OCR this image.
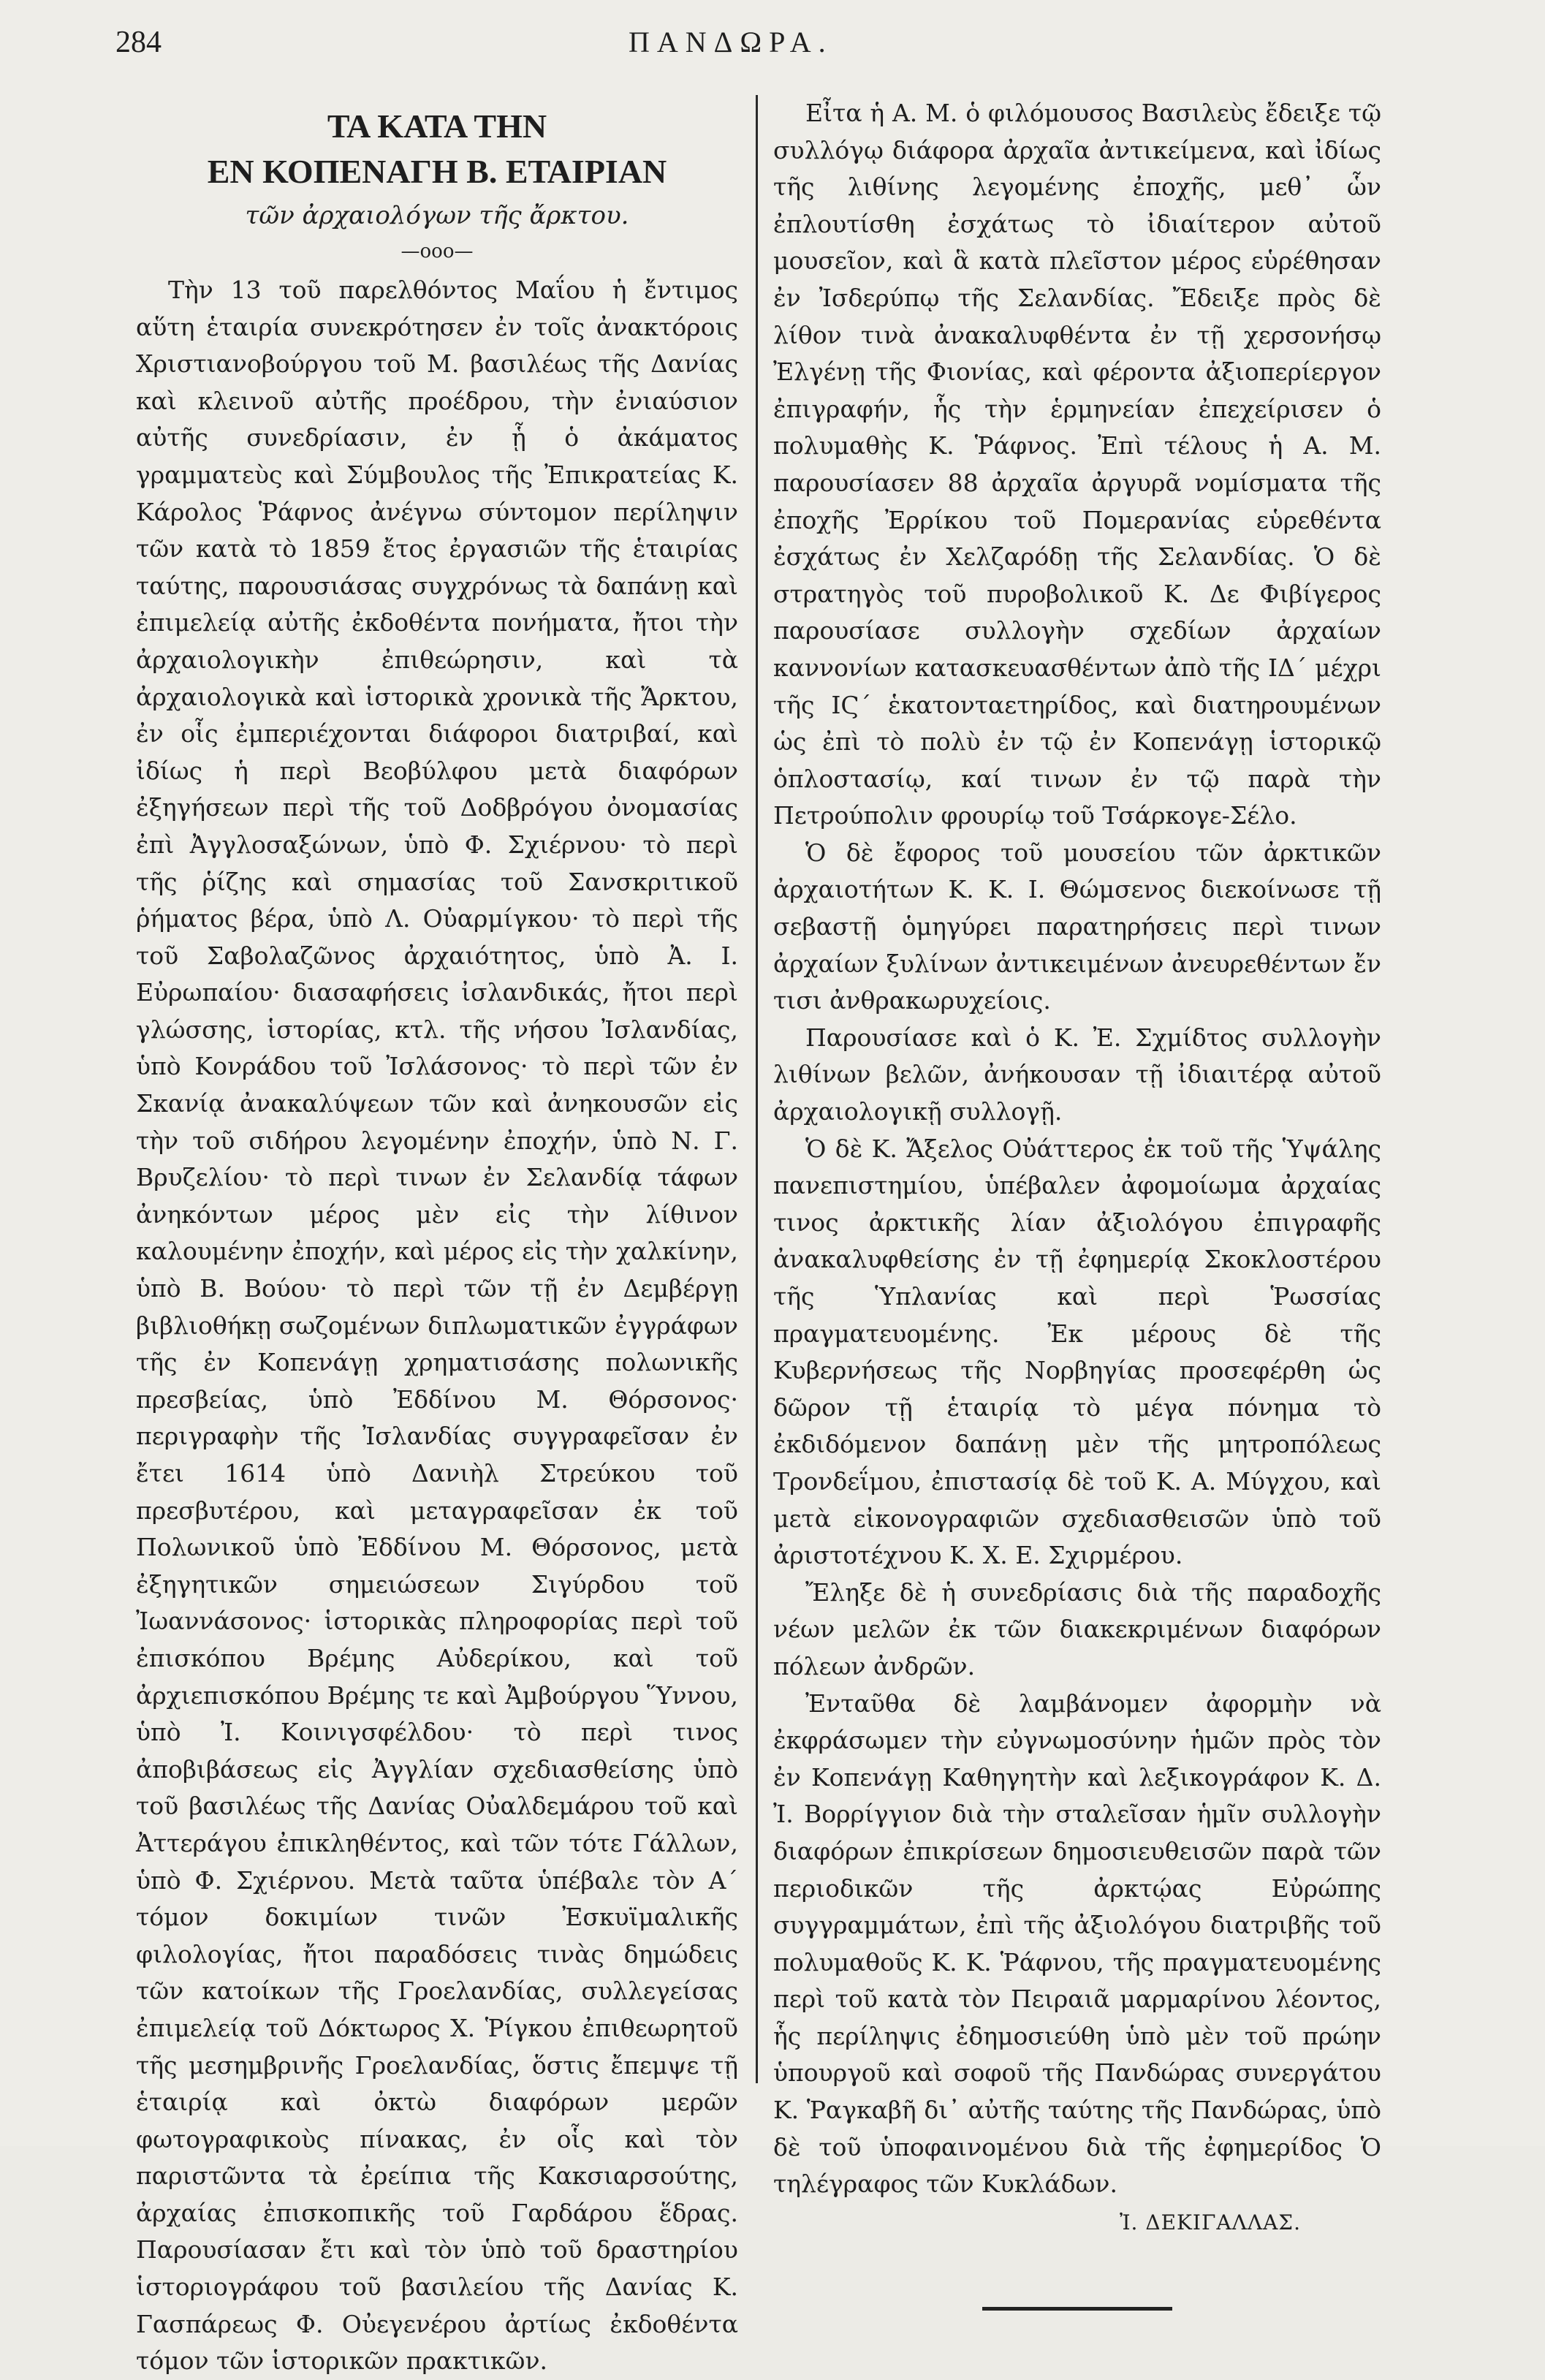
284	ΠΑΝΔΩΡΑ.
ΤΑ ΚΑΤΑ ΤΗΝ
ΕΝ ΚΟΠΕΝΑΓΗ Β. ΕΤΑΙΡΙΑΝ
τῶν ἀρχαιολόγων τῆς ἄρκτου.
—οοο—

Τὴν 13 τοῦ παρελθόντος Μαΐου ἡ ἔντιμος αὕτη ἑταιρία συνεκρότησεν ἐν τοῖς ἀνακτόροις Χριστιανοβούργου τοῦ Μ. βασιλέως τῆς Δανίας καὶ κλεινοῦ αὐτῆς προέδρου, τὴν ἐνιαύσιον αὐτῆς συνεδρίασιν, ἐν ᾗ ὁ ἀκάματος γραμματεὺς καὶ Σύμβουλος τῆς Ἐπικρατείας Κ. Κάρολος Ῥάφνος ἀνέγνω σύντομον περίληψιν τῶν κατὰ τὸ 1859 ἔτος ἐργασιῶν τῆς ἑταιρίας ταύτης, παρουσιάσας συγχρόνως τὰ δαπάνῃ καὶ ἐπιμελείᾳ αὐτῆς ἐκδοθέντα πονήματα, ἤτοι τὴν ἀρχαιολογικὴν ἐπιθεώρησιν, καὶ τὰ ἀρχαιολογικὰ καὶ ἱστορικὰ χρονικὰ τῆς Ἄρκτου, ἐν οἷς ἐμπεριέχονται διάφοροι διατριβαί, καὶ ἰδίως ἡ περὶ Βεοβύλφου μετὰ διαφόρων ἐξηγήσεων περὶ τῆς τοῦ Δοδβρόγου ὀνομασίας ἐπὶ Ἀγγλοσαξώνων, ὑπὸ Φ. Σχιέρνου· τὸ περὶ τῆς ῥίζης καὶ σημασίας τοῦ Σανσκριτικοῦ ῥήματος βέρα, ὑπὸ Λ. Οὐαρμίγκου· τὸ περὶ τῆς τοῦ Σαβολαζῶνος ἀρχαιότητος, ὑπὸ Ἀ. Ι. Εὐρωπαίου· διασαφήσεις ἰσλανδικάς, ἤτοι περὶ γλώσσης, ἱστορίας, κτλ. τῆς νήσου Ἰσλανδίας, ὑπὸ Κονράδου τοῦ Ἰσλάσονος· τὸ περὶ τῶν ἐν Σκανίᾳ ἀνακαλύψεων τῶν καὶ ἀνηκουσῶν εἰς τὴν τοῦ σιδήρου λεγομένην ἐποχήν, ὑπὸ Ν. Γ. Βρυζελίου· τὸ περὶ τινων ἐν Σελανδίᾳ τάφων ἀνηκόντων μέρος μὲν εἰς τὴν λίθινον καλουμένην ἐποχήν, καὶ μέρος εἰς τὴν χαλκίνην, ὑπὸ Β. Βούου· τὸ περὶ τῶν τῇ ἐν Δεμβέργῃ βιβλιοθήκῃ σωζομένων διπλωματικῶν ἐγγράφων τῆς ἐν Κοπενάγῃ χρηματισάσης πολωνικῆς πρεσβείας, ὑπὸ Ἐδδίνου Μ. Θόρσονος· περιγραφὴν τῆς Ἰσλανδίας συγγραφεῖσαν ἐν ἔτει 1614 ὑπὸ Δανιὴλ Στρεύκου τοῦ πρεσβυτέρου, καὶ μεταγραφεῖσαν ἐκ τοῦ Πολωνικοῦ ὑπὸ Ἐδδίνου Μ. Θόρσονος, μετὰ ἐξηγητικῶν σημειώσεων Σιγύρδου τοῦ Ἰωαννάσονος· ἱστορικὰς πληροφορίας περὶ τοῦ ἐπισκόπου Βρέμης Αὐδερίκου, καὶ τοῦ ἀρχιεπισκόπου Βρέμης τε καὶ Ἀμβούργου Ὕννου, ὑπὸ Ἰ. Κοινιγσφέλδου· τὸ περὶ τινος ἀποβιβάσεως εἰς Ἀγγλίαν σχεδιασθείσης ὑπὸ τοῦ βασιλέως τῆς Δανίας Οὐαλδεμάρου τοῦ καὶ Ἀττεράγου ἐπικληθέντος, καὶ τῶν τότε Γάλλων, ὑπὸ Φ. Σχιέρνου. Μετὰ ταῦτα ὑπέβαλε τὸν Α΄ τόμον δοκιμίων τινῶν Ἐσκυϊμαλικῆς φιλολογίας, ἤτοι παραδόσεις τινὰς δημώδεις τῶν κατοίκων τῆς Γροελανδίας, συλλεγείσας ἐπιμελείᾳ τοῦ Δόκτωρος Χ. Ῥίγκου ἐπιθεωρητοῦ τῆς μεσημβρινῆς Γροελανδίας, ὅστις ἔπεμψε τῇ ἑταιρίᾳ καὶ ὀκτὼ διαφόρων μερῶν φωτογραφικοὺς πίνακας, ἐν οἷς καὶ τὸν παριστῶντα τὰ ἐρείπια τῆς Κακσιαρσούτης, ἀρχαίας ἐπισκοπικῆς τοῦ Γαρδάρου ἕδρας. Παρουσίασαν ἔτι καὶ τὸν ὑπὸ τοῦ δραστηρίου ἱστοριογράφου τοῦ βασιλείου τῆς Δανίας Κ. Γασπάρεως Φ. Οὐεγενέρου ἀρτίως ἐκδοθέντα τόμον τῶν ἱστορικῶν πρακτικῶν.

Εἶτα ἡ Α. Μ. ὁ φιλόμουσος Βασιλεὺς ἔδειξε τῷ συλλόγῳ διάφορα ἀρχαῖα ἀντικείμενα, καὶ ἰδίως τῆς λιθίνης λεγομένης ἐποχῆς, μεθ᾽ ὧν ἐπλουτίσθη ἐσχάτως τὸ ἰδιαίτερον αὐτοῦ μουσεῖον, καὶ ἃ κατὰ πλεῖστον μέρος εὑρέθησαν ἐν Ἰσδερύπῳ τῆς Σελανδίας. Ἔδειξε πρὸς δὲ λίθον τινὰ ἀνακαλυφθέντα ἐν τῇ χερσονήσῳ Ἐλγένῃ τῆς Φιονίας, καὶ φέροντα ἀξιοπερίεργον ἐπιγραφήν, ἧς τὴν ἑρμηνείαν ἐπεχείρισεν ὁ πολυμαθὴς Κ. Ῥάφνος. Ἐπὶ τέλους ἡ Α. Μ. παρουσίασεν 88 ἀρχαῖα ἀργυρᾶ νομίσματα τῆς ἐποχῆς Ἐρρίκου τοῦ Πομερανίας εὑρεθέντα ἐσχάτως ἐν Χελζαρόδῃ τῆς Σελανδίας. Ὁ δὲ στρατηγὸς τοῦ πυροβολικοῦ Κ. Δε Φιβίγερος παρουσίασε συλλογὴν σχεδίων ἀρχαίων καννονίων κατασκευασθέντων ἀπὸ τῆς ΙΔ΄ μέχρι τῆς ΙϚ΄ ἑκατονταετηρίδος, καὶ διατηρουμένων ὡς ἐπὶ τὸ πολὺ ἐν τῷ ἐν Κοπενάγῃ ἱστορικῷ ὁπλοστασίῳ, καί τινων ἐν τῷ παρὰ τὴν Πετρούπολιν φρουρίῳ τοῦ Τσάρκογε-Σέλο.

Ὁ δὲ ἔφορος τοῦ μουσείου τῶν ἀρκτικῶν ἀρχαιοτήτων Κ. Κ. Ι. Θώμσενος διεκοίνωσε τῇ σεβαστῇ ὁμηγύρει παρατηρήσεις περὶ τινων ἀρχαίων ξυλίνων ἀντικειμένων ἀνευρεθέντων ἔν τισι ἀνθρακωρυχείοις.

Παρουσίασε καὶ ὁ Κ. Ἐ. Σχμίδτος συλλογὴν λιθίνων βελῶν, ἀνήκουσαν τῇ ἰδιαιτέρᾳ αὐτοῦ ἀρχαιολογικῇ συλλογῇ.

Ὁ δὲ Κ. Ἄξελος Οὐάττερος ἐκ τοῦ τῆς Ὑψάλης πανεπιστημίου, ὑπέβαλεν ἀφομοίωμα ἀρχαίας τινος ἀρκτικῆς λίαν ἀξιολόγου ἐπιγραφῆς ἀνακαλυφθείσης ἐν τῇ ἐφημερίᾳ Σκοκλοστέρου τῆς Ὑπλανίας καὶ περὶ Ῥωσσίας πραγματευομένης. Ἐκ μέρους δὲ τῆς Κυβερνήσεως τῆς Νορβηγίας προσεφέρθη ὡς δῶρον τῇ ἑταιρίᾳ τὸ μέγα πόνημα τὸ ἐκδιδόμενον δαπάνῃ μὲν τῆς μητροπόλεως Τρονδεΐμου, ἐπιστασίᾳ δὲ τοῦ Κ. Α. Μύγχου, καὶ μετὰ εἰκονογραφιῶν σχεδιασθεισῶν ὑπὸ τοῦ ἀριστοτέχνου Κ. Χ. Ε. Σχιρμέρου.

Ἔληξε δὲ ἡ συνεδρίασις διὰ τῆς παραδοχῆς νέων μελῶν ἐκ τῶν διακεκριμένων διαφόρων πόλεων ἀνδρῶν.

Ἐνταῦθα δὲ λαμβάνομεν ἀφορμὴν νὰ ἐκφράσωμεν τὴν εὐγνωμοσύνην ἡμῶν πρὸς τὸν ἐν Κοπενάγῃ Καθηγητὴν καὶ λεξικογράφον Κ. Δ. Ἰ. Βορρίγγιον διὰ τὴν σταλεῖσαν ἡμῖν συλλογὴν διαφόρων ἐπικρίσεων δημοσιευθεισῶν παρὰ τῶν περιοδικῶν τῆς ἀρκτῴας Εὐρώπης συγγραμμάτων, ἐπὶ τῆς ἀξιολόγου διατριβῆς τοῦ πολυμαθοῦς Κ. Κ. Ῥάφνου, τῆς πραγματευομένης περὶ τοῦ κατὰ τὸν Πειραιᾶ μαρμαρίνου λέοντος, ἧς περίληψις ἐδημοσιεύθη ὑπὸ μὲν τοῦ πρώην ὑπουργοῦ καὶ σοφοῦ τῆς Πανδώρας συνεργάτου Κ. Ῥαγκαβῆ δι᾽ αὐτῆς ταύτης τῆς Πανδώρας, ὑπὸ δὲ τοῦ ὑποφαινομένου διὰ τῆς ἐφημερίδος Ὁ τηλέγραφος τῶν Κυκλάδων.

Ἰ. ΔΕΚΙΓΑΛΛΑΣ.
